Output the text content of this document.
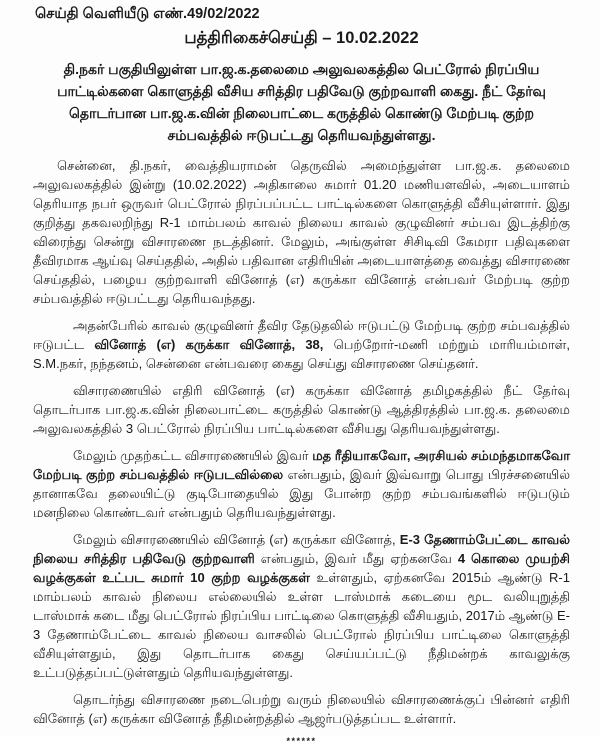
செய்தி வெளியீடு எண்.49/02/2022
பத்திரிகைச்செய்தி – 10.02.2022
தி.நகர் பகுதியிலுள்ள பா.ஜ.க.தலைமை அலுவலகத்தில பெட்ரோல் நிரப்பிய பாட்டில்களை கொளுத்தி வீசிய சரித்திர பதிவேடு குற்றவாளி கைது. நீட் தேர்வு தொடர்பான பா.ஜ.க.வின் நிலைபாட்டை கருத்தில் கொண்டு மேற்படி குற்ற சம்பவத்தில் ஈடுபட்டது தெரியவந்துள்ளது.

சென்னை, தி.நகர், வைத்தியராமன் தெருவில் அமைந்துள்ள பா.ஜ.க. தலைமை அலுவலகத்தில் இன்று (10.02.2022) அதிகாலை சுமார் 01.20 மணியளவில், அடையாளம் தெரியாத நபர் ஒருவர் பெட்ரோல் நிரப்பப்பட்ட பாட்டில்களை கொளுத்தி வீசியுள்ளார். இது குறித்து தகவலறிந்து R-1 மாம்பலம் காவல் நிலைய காவல் குழுவினர் சம்பவ இடத்திற்கு விரைந்து சென்று விசாரணை நடத்தினர். மேலும், அங்குள்ள சிசிடிவி கேமரா பதிவுகளை தீவிரமாக ஆய்வு செய்ததில், அதில் பதிவான எதிரியின் அடையாளத்தை வைத்து விசாரணை செய்ததில், பழைய குற்றவாளி வினோத் (எ) கருக்கா வினோத் என்பவர் மேற்படி குற்ற சம்பவத்தில் ஈடுபட்டது தெரியவந்தது.

அதன்பேரில் காவல் குழுவினர் தீவிர தேடுதலில் ஈடுபட்டு மேற்படி குற்ற சம்பவத்தில் ஈடுபட்ட வினோத் (எ) கருக்கா வினோத், 38, பெற்றோர்-மணி மற்றும் மாரியம்மாள், S.M.நகர், நந்தனம், சென்னை என்பவரை கைது செய்து விசாரணை செய்தனர்.

விசாரணையில் எதிரி வினோத் (எ) கருக்கா வினோத் தமிழகத்தில் நீட் தேர்வு தொடர்பாக பா.ஜ.க.வின் நிலைபாட்டை கருத்தில் கொண்டு ஆத்திரத்தில் பா.ஜ.க. தலைமை அலுவலகத்தில் 3 பெட்ரோல் நிரப்பிய பாட்டில்களை வீசியது தெரியவந்துள்ளது.

மேலும் முதற்கட்ட விசாரணையில் இவர் மத ரீதியாகவோ, அரசியல் சம்மந்தமாகவோ மேற்படி குற்ற சம்பவத்தில் ஈடுபடவில்லை என்பதும், இவர் இவ்வாறு பொது பிரச்சனையில் தானாகவே தலையிட்டு குடிபோதையில் இது போன்ற குற்ற சம்பவங்களில் ஈடுபடும் மனநிலை கொண்டவர் என்பதும் தெரியவந்துள்ளது.

மேலும் விசாரணையில் வினோத் (எ) கருக்கா வினோத், E-3 தேணாம்பேட்டை காவல் நிலைய சரித்திர பதிவேடு குற்றவாளி என்பதும், இவர் மீது ஏற்கனவே 4 கொலை முயற்சி வழக்குகள் உட்பட சுமார் 10 குற்ற வழக்குகள் உள்ளதும், ஏற்கனவே 2015ம் ஆண்டு R-1 மாம்பலம் காவல் நிலைய எல்லையில் உள்ள டாஸ்மாக் கடையை மூட வலியுறுத்தி டாஸ்மாக் கடை மீது பெட்ரோல் நிரப்பிய பாட்டிலை கொளுத்தி வீசியதும், 2017ம் ஆண்டு E-3 தேணாம்பேட்டை காவல் நிலைய வாசலில் பெட்ரோல் நிரப்பிய பாட்டிலை கொளுத்தி வீசியுள்ளதும், இது தொடர்பாக கைது செய்யப்பட்டு நீதிமன்றக் காவலுக்கு உட்படுத்தப்பட்டுள்ளதும் தெரியவந்துள்ளது.

தொடர்ந்து விசாரணை நடைபெற்று வரும் நிலையில் விசாரணைக்குப் பின்னர் எதிரி வினோத் (எ) கருக்கா வினோத் நீதிமன்றத்தில் ஆஜர்படுத்தப்பட உள்ளார்.

******
